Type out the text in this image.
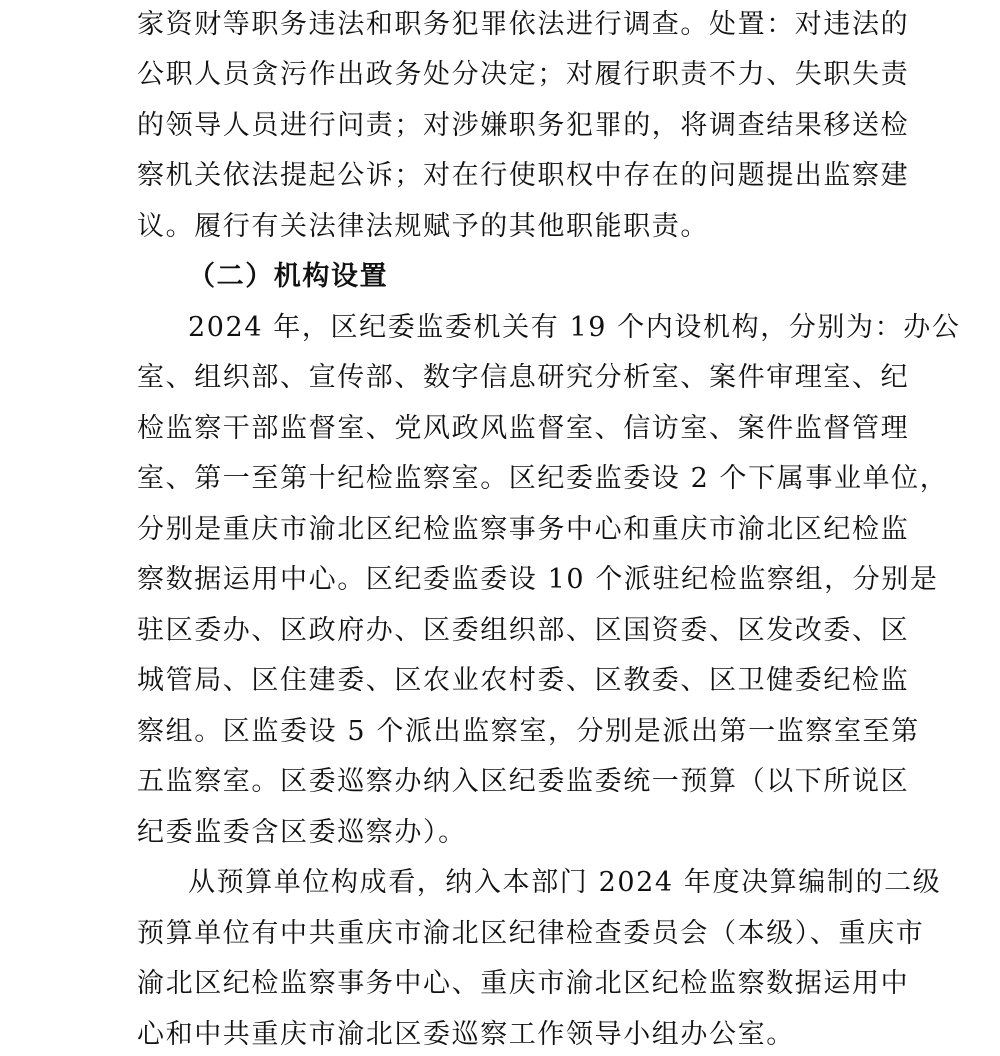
家资财等职务违法和职务犯罪依法进行调查。处置：对违法的
公职人员贪污作出政务处分决定；对履行职责不力、失职失责
的领导人员进行问责；对涉嫌职务犯罪的，将调查结果移送检
察机关依法提起公诉；对在行使职权中存在的问题提出监察建
议。履行有关法律法规赋予的其他职能职责。
（二）机构设置
2024 年，区纪委监委机关有 19 个内设机构，分别为：办公
室、组织部、宣传部、数字信息研究分析室、案件审理室、纪
检监察干部监督室、党风政风监督室、信访室、案件监督管理
室、第一至第十纪检监察室。区纪委监委设 2 个下属事业单位，
分别是重庆市渝北区纪检监察事务中心和重庆市渝北区纪检监
察数据运用中心。区纪委监委设 10 个派驻纪检监察组，分别是
驻区委办、区政府办、区委组织部、区国资委、区发改委、区
城管局、区住建委、区农业农村委、区教委、区卫健委纪检监
察组。区监委设 5 个派出监察室，分别是派出第一监察室至第
五监察室。区委巡察办纳入区纪委监委统一预算（以下所说区
纪委监委含区委巡察办）。
从预算单位构成看，纳入本部门 2024 年度决算编制的二级
预算单位有中共重庆市渝北区纪律检查委员会（本级）、重庆市
渝北区纪检监察事务中心、重庆市渝北区纪检监察数据运用中
心和中共重庆市渝北区委巡察工作领导小组办公室。
